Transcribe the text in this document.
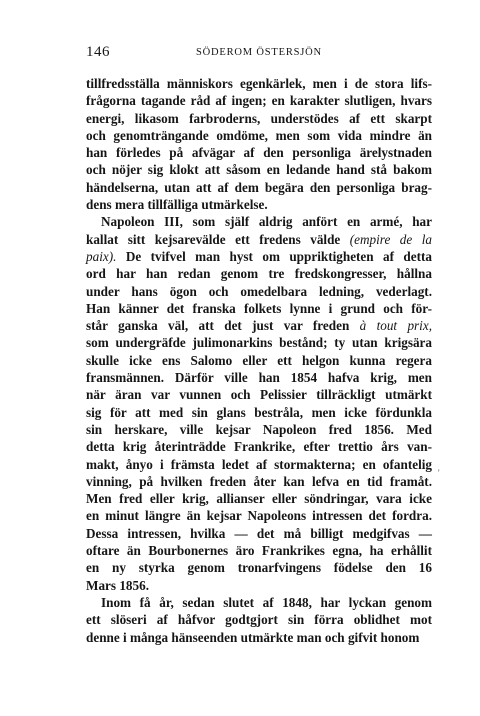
146	SÖDEROM ÖSTERSJÖN
tillfredsställa människors egenkärlek, men i de stora lifs-
frågorna tagande råd af ingen; en karakter slutligen, hvars
energi, likasom farbroderns, understödes af ett skarpt
och genomträngande omdöme, men som vida mindre än
han förledes på afvägar af den personliga ärelystnaden
och nöjer sig klokt att såsom en ledande hand stå bakom
händelserna, utan att af dem begära den personliga brag-
dens mera tillfälliga utmärkelse.
Napoleon III, som själf aldrig anfört en armé, har
kallat sitt kejsarevälde ett fredens välde (empire de la
paix). De tvifvel man hyst om uppriktigheten af detta
ord har han redan genom tre fredskongresser, hållna
under hans ögon och omedelbara ledning, vederlagt.
Han känner det franska folkets lynne i grund och för-
står ganska väl, att det just var freden à tout prix,
som undergräfde julimonarkins bestånd; ty utan krigsära
skulle icke ens Salomo eller ett helgon kunna regera
fransmännen. Därför ville han 1854 hafva krig, men
när äran var vunnen och Pelissier tillräckligt utmärkt
sig för att med sin glans bestråla, men icke fördunkla
sin herskare, ville kejsar Napoleon fred 1856. Med
detta krig återinträdde Frankrike, efter trettio års van-
makt, ånyo i främsta ledet af stormakterna; en ofantelig
vinning, på hvilken freden åter kan lefva en tid framåt.
Men fred eller krig, allianser eller söndringar, vara icke
en minut längre än kejsar Napoleons intressen det fordra.
Dessa intressen, hvilka — det må billigt medgifvas —
oftare än Bourbonernes äro Frankrikes egna, ha erhållit
en ny styrka genom tronarfvingens födelse den 16
Mars 1856.
Inom få år, sedan slutet af 1848, har lyckan genom
ett slöseri af håfvor godtgjort sin förra oblidhet mot
denne i många hänseenden utmärkte man och gifvit honom
'
